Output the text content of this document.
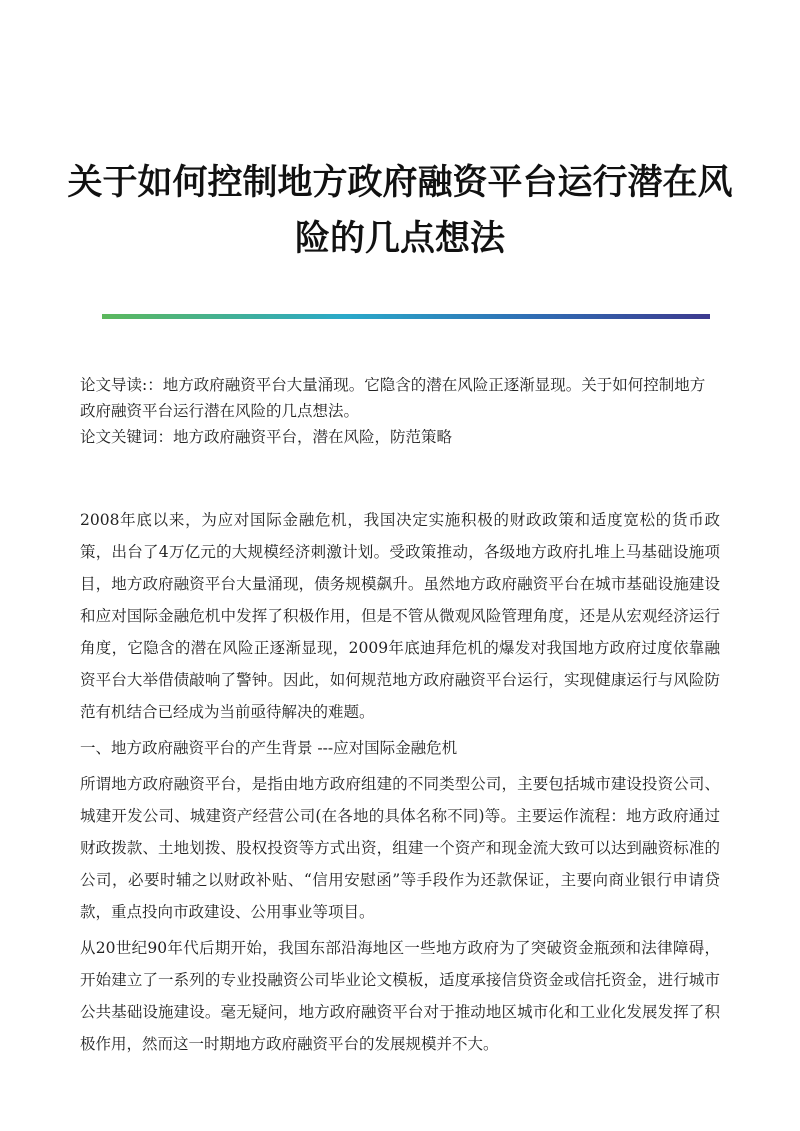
关于如何控制地方政府融资平台运行潜在风
险的几点想法

论文导读:：地方政府融资平台大量涌现。它隐含的潜在风险正逐渐显现。关于如何控制地方政府融资平台运行潜在风险的几点想法。

论文关键词：地方政府融资平台，潜在风险，防范策略

2008年底以来，为应对国际金融危机，我国决定实施积极的财政政策和适度宽松的货币政策，出台了4万亿元的大规模经济刺激计划。受政策推动，各级地方政府扎堆上马基础设施项目，地方政府融资平台大量涌现，债务规模飙升。虽然地方政府融资平台在城市基础设施建设和应对国际金融危机中发挥了积极作用，但是不管从微观风险管理角度，还是从宏观经济运行角度，它隐含的潜在风险正逐渐显现，2009年底迪拜危机的爆发对我国地方政府过度依靠融资平台大举借债敲响了警钟。因此，如何规范地方政府融资平台运行，实现健康运行与风险防范有机结合已经成为当前亟待解决的难题。

一、地方政府融资平台的产生背景 ---应对国际金融危机

所谓地方政府融资平台，是指由地方政府组建的不同类型公司，主要包括城市建设投资公司、城建开发公司、城建资产经营公司(在各地的具体名称不同)等。主要运作流程：地方政府通过财政拨款、土地划拨、股权投资等方式出资，组建一个资产和现金流大致可以达到融资标准的公司，必要时辅之以财政补贴、“信用安慰函”等手段作为还款保证，主要向商业银行申请贷款，重点投向市政建设、公用事业等项目。

从20世纪90年代后期开始，我国东部沿海地区一些地方政府为了突破资金瓶颈和法律障碍，开始建立了一系列的专业投融资公司毕业论文模板，适度承接信贷资金或信托资金，进行城市公共基础设施建设。毫无疑问，地方政府融资平台对于推动地区城市化和工业化发展发挥了积极作用，然而这一时期地方政府融资平台的发展规模并不大。
